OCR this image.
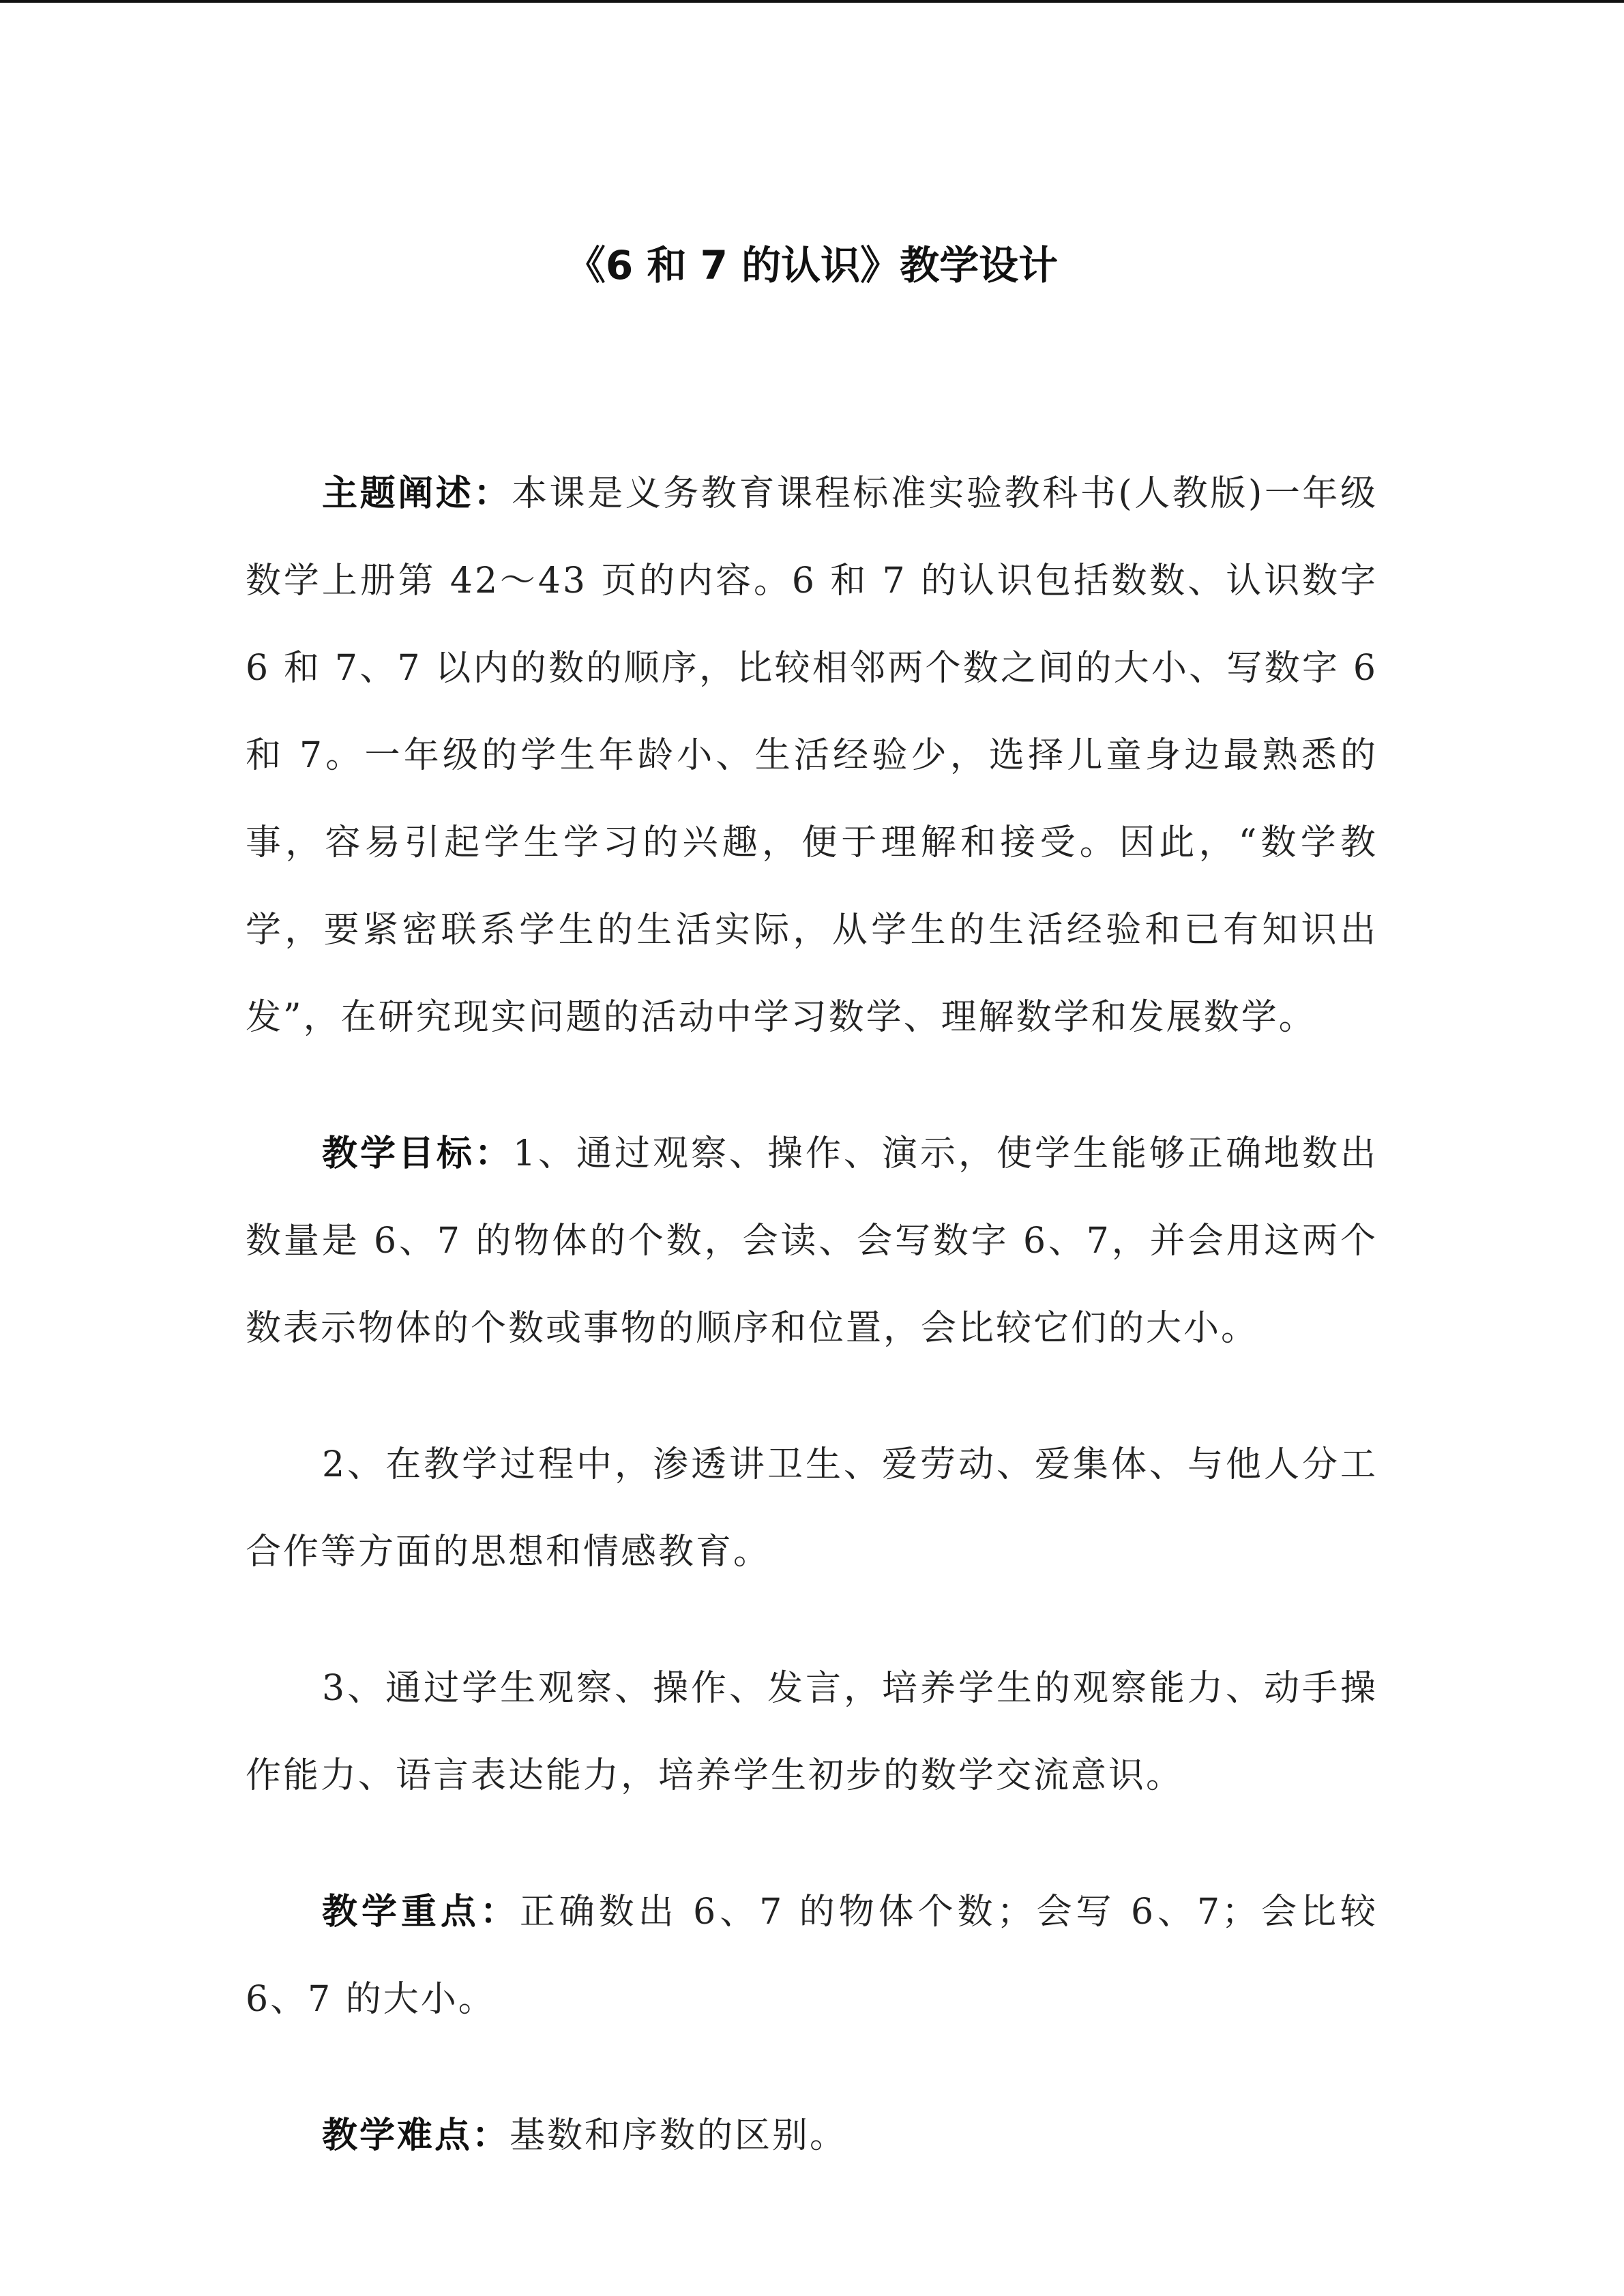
《6 和 7 的认识》教学设计

主题阐述：本课是义务教育课程标准实验教科书(人教版)一年级数学上册第 42～43 页的内容。6 和 7 的认识包括数数、认识数字 6 和 7、7 以内的数的顺序，比较相邻两个数之间的大小、写数字 6 和 7。一年级的学生年龄小、生活经验少，选择儿童身边最熟悉的事，容易引起学生学习的兴趣，便于理解和接受。因此，“数学教学，要紧密联系学生的生活实际，从学生的生活经验和已有知识出发”，在研究现实问题的活动中学习数学、理解数学和发展数学。

教学目标：1、通过观察、操作、演示，使学生能够正确地数出数量是 6、7 的物体的个数，会读、会写数字 6、7，并会用这两个数表示物体的个数或事物的顺序和位置，会比较它们的大小。

2、在教学过程中，渗透讲卫生、爱劳动、爱集体、与他人分工合作等方面的思想和情感教育。

3、通过学生观察、操作、发言，培养学生的观察能力、动手操作能力、语言表达能力，培养学生初步的数学交流意识。

教学重点：正确数出 6、7 的物体个数；会写 6、7；会比较 6、7 的大小。

教学难点：基数和序数的区别。
